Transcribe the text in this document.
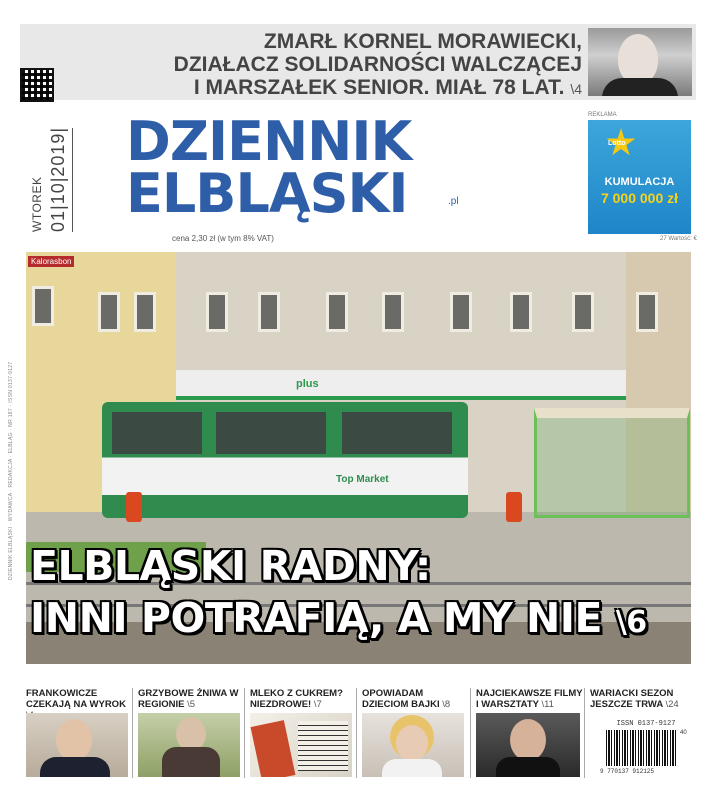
ZMARŁ KORNEL MORAWIECKI,
DZIAŁACZ SOLIDARNOŚCI WALCZĄCEJ
I MARSZAŁEK SENIOR. MIAŁ 78 LAT. \4
WTOREK 01|10|2019| DZIENNIK
ELBLĄSKI	.pl
cena 2,30 zł (w tym 8% VAT)
REKLAMA
Lotto
KUMULACJA
7 000 000 zł
27 Wartość: €
DZIENNIK ELBLĄSKI · WYDAWCA · REDAKCJA · ELBLĄG · NR 187 · ISSN 0137-9127
Kalorasbon
plus
Top Market
ELBLĄSKI RADNY:
INNI POTRAFIĄ, A MY NIE \6
FRANKOWICZE CZEKAJĄ NA WYROK
GRZYBOWE ŻNIWA W REGIONIE \5
MLEKO Z CUKREM? NIEZDROWE! \7
OPOWIADAM DZIECIOM BAJKI \8
NAJCIEKAWSZE FILMY I WARSZTATY \11
WARIACKI SEZON JESZCZE TRWA \24
ISSN 0137-9127
40
9 770137 912125
